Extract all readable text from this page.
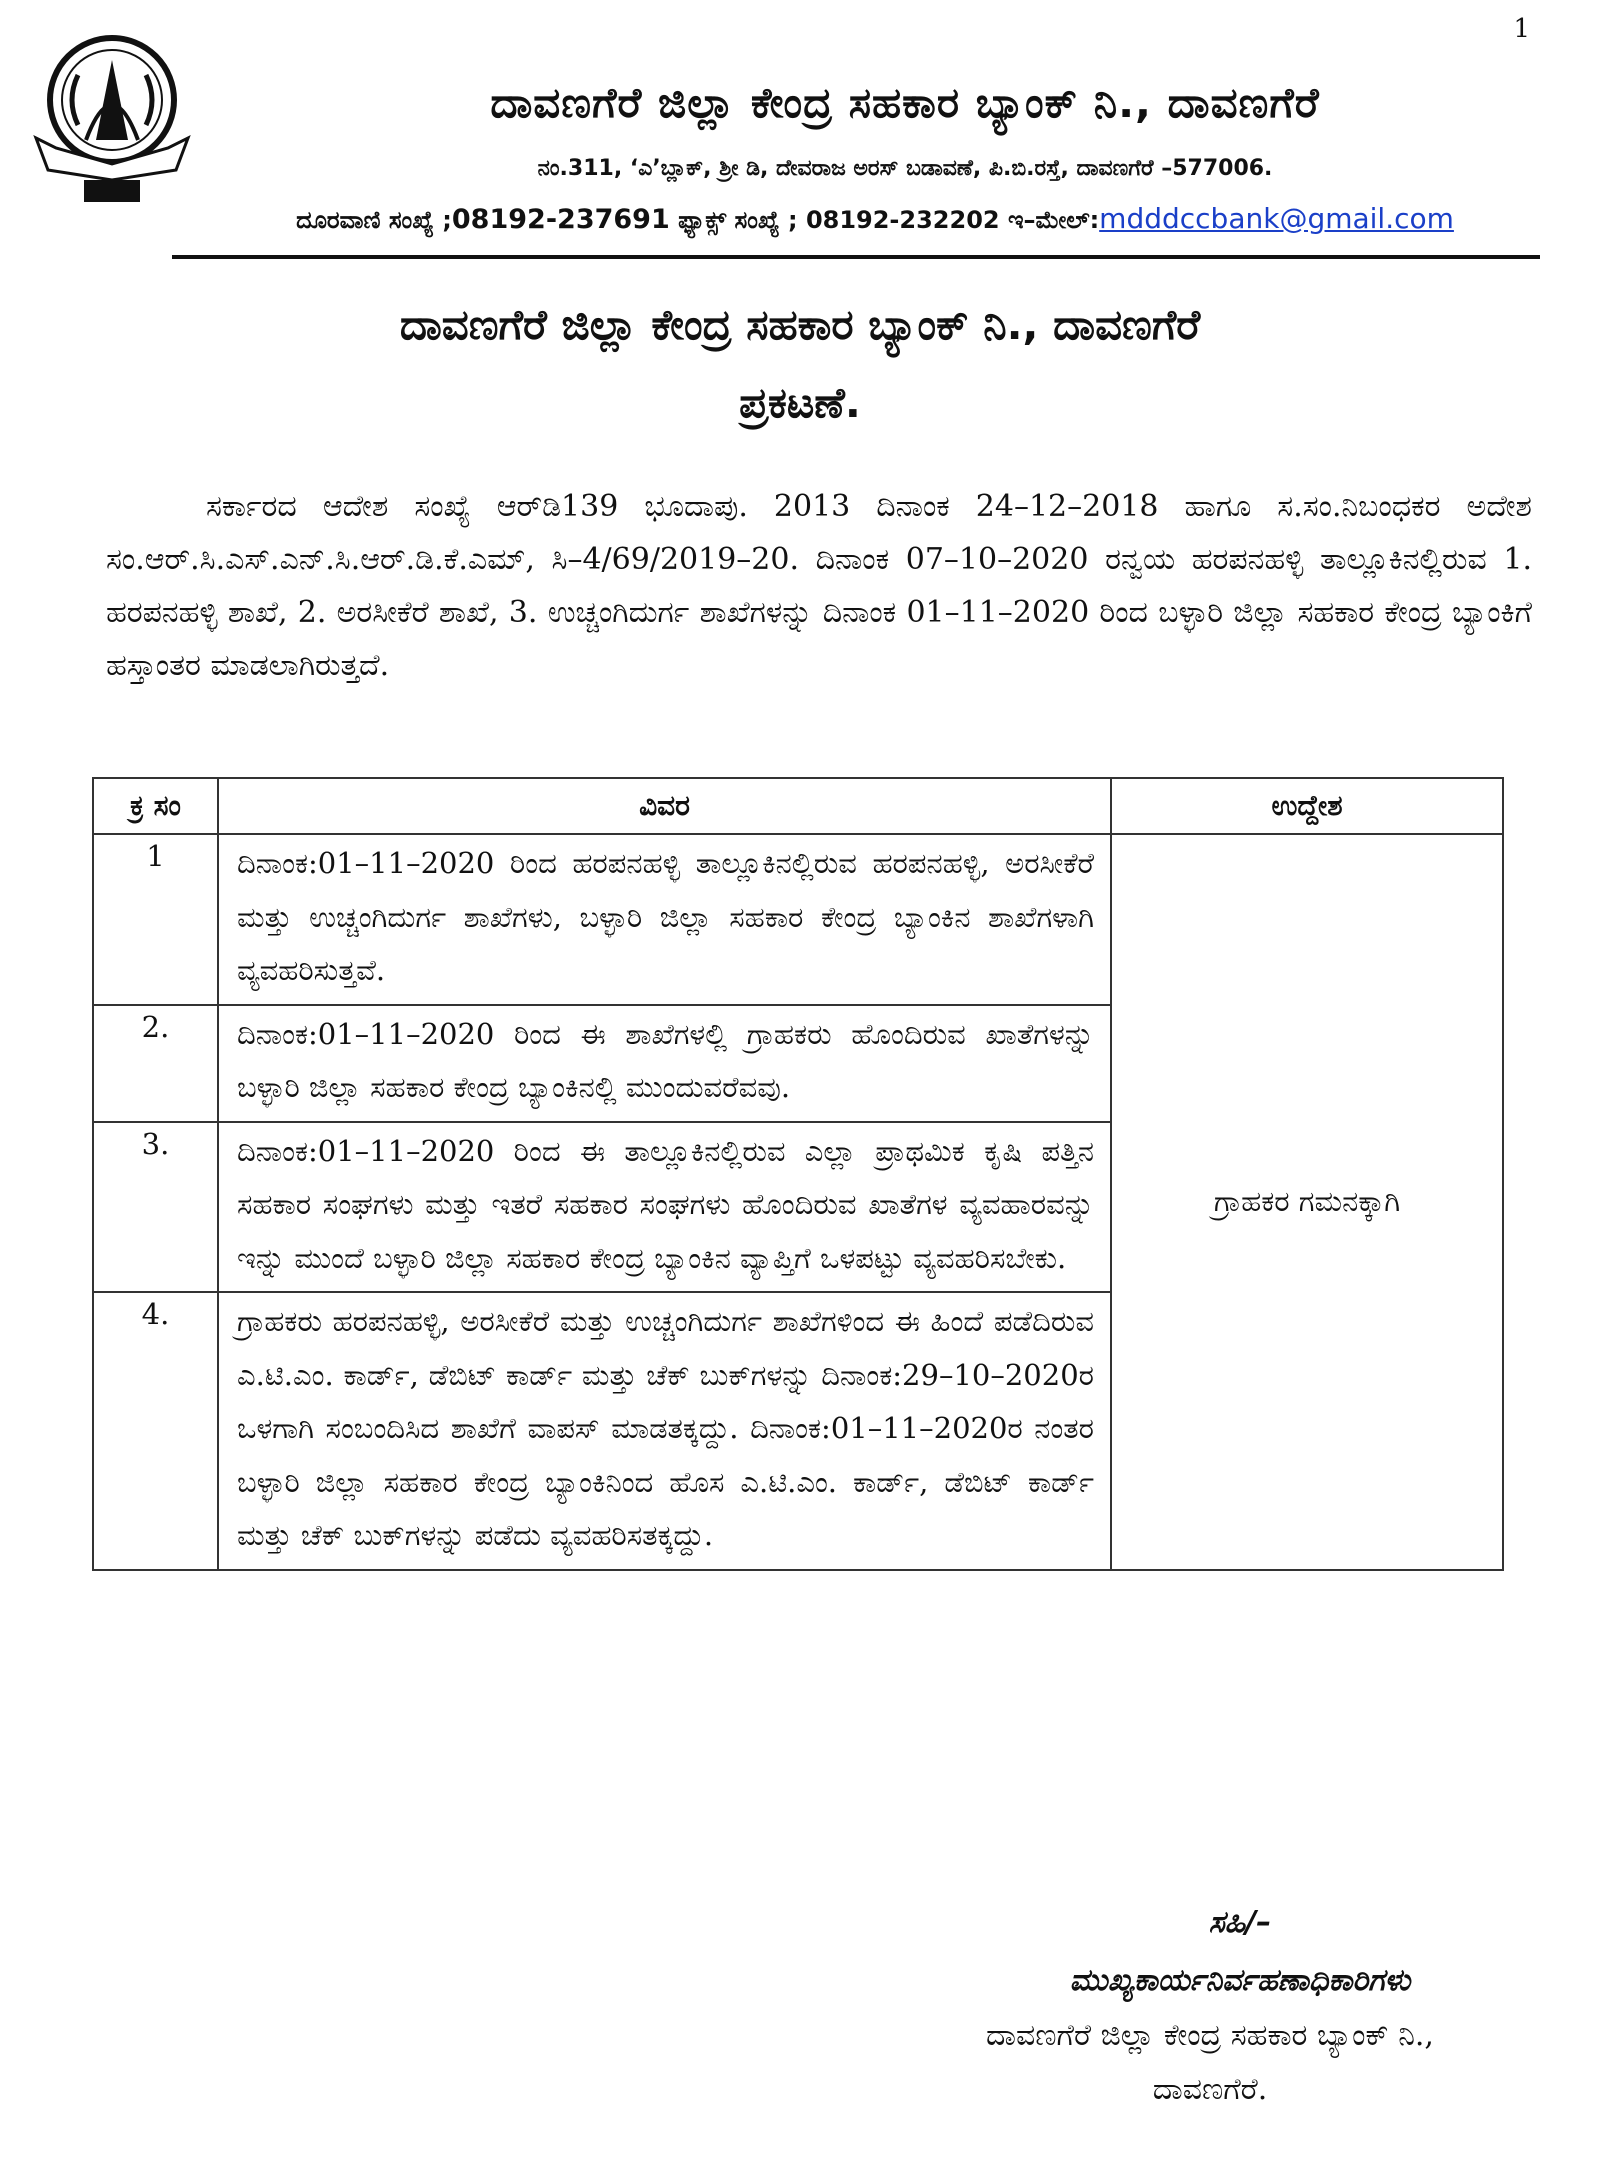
1
ದಾವಣಗೆರೆ ಜಿಲ್ಲಾ ಕೇಂದ್ರ ಸಹಕಾರ ಬ್ಯಾಂಕ್ ನಿ., ದಾವಣಗೆರೆ
ನಂ.311, ‘ಎ’ಬ್ಲಾಕ್, ಶ್ರೀ ಡಿ, ದೇವರಾಜ ಅರಸ್ ಬಡಾವಣೆ, ಪಿ.ಬಿ.ರಸ್ತೆ, ದಾವಣಗೆರೆ –577006.
ದೂರವಾಣಿ ಸಂಖ್ಯೆ ;08192-237691 ಫ್ಯಾಕ್ಸ್ ಸಂಖ್ಯೆ ; 08192-232202 ಇ–ಮೇಲ್:mdddccbank@gmail.com
ದಾವಣಗೆರೆ ಜಿಲ್ಲಾ ಕೇಂದ್ರ ಸಹಕಾರ ಬ್ಯಾಂಕ್ ನಿ., ದಾವಣಗೆರೆ
ಪ್ರಕಟಣೆ.

ಸರ್ಕಾರದ ಆದೇಶ ಸಂಖ್ಯೆ ಆರ್‌ಡಿ139 ಭೂದಾಪು. 2013 ದಿನಾಂಕ 24–12–2018 ಹಾಗೂ ಸ.ಸಂ.ನಿಬಂಧಕರ ಅದೇಶ ಸಂ.ಆರ್.ಸಿ.ಎಸ್.ಎನ್.ಸಿ.ಆರ್.ಡಿ.ಕೆ.ಎಮ್, ಸಿ–4/69/2019–20. ದಿನಾಂಕ 07–10–2020 ರನ್ವಯ ಹರಪನಹಳ್ಳಿ ತಾಲ್ಲೂಕಿನಲ್ಲಿರುವ 1. ಹರಪನಹಳ್ಳಿ ಶಾಖೆ, 2. ಅರಸೀಕೆರೆ ಶಾಖೆ, 3. ಉಚ್ಚಂಗಿದುರ್ಗ ಶಾಖೆಗಳನ್ನು ದಿನಾಂಕ 01–11–2020 ರಿಂದ ಬಳ್ಳಾರಿ ಜಿಲ್ಲಾ ಸಹಕಾರ ಕೇಂದ್ರ ಬ್ಯಾಂಕಿಗೆ ಹಸ್ತಾಂತರ ಮಾಡಲಾಗಿರುತ್ತದೆ.

ಕ್ರ ಸಂ	ವಿವರ	ಉದ್ದೇಶ
1	ದಿನಾಂಕ:01–11–2020 ರಿಂದ ಹರಪನಹಳ್ಳಿ ತಾಲ್ಲೂಕಿನಲ್ಲಿರುವ ಹರಪನಹಳ್ಳಿ, ಅರಸೀಕೆರೆ ಮತ್ತು ಉಚ್ಚಂಗಿದುರ್ಗ ಶಾಖೆಗಳು, ಬಳ್ಳಾರಿ ಜಿಲ್ಲಾ ಸಹಕಾರ ಕೇಂದ್ರ ಬ್ಯಾಂಕಿನ ಶಾಖೆಗಳಾಗಿ ವ್ಯವಹರಿಸುತ್ತವೆ.	ಗ್ರಾಹಕರ ಗಮನಕ್ಕಾಗಿ
2.	ದಿನಾಂಕ:01–11–2020 ರಿಂದ ಈ ಶಾಖೆಗಳಲ್ಲಿ ಗ್ರಾಹಕರು ಹೊಂದಿರುವ ಖಾತೆಗಳನ್ನು ಬಳ್ಳಾರಿ ಜಿಲ್ಲಾ ಸಹಕಾರ ಕೇಂದ್ರ ಬ್ಯಾಂಕಿನಲ್ಲಿ ಮುಂದುವರೆವವು.	
3.	ದಿನಾಂಕ:01–11–2020 ರಿಂದ ಈ ತಾಲ್ಲೂಕಿನಲ್ಲಿರುವ ಎಲ್ಲಾ ಪ್ರಾಥಮಿಕ ಕೃಷಿ ಪತ್ತಿನ ಸಹಕಾರ ಸಂಘಗಳು ಮತ್ತು ಇತರೆ ಸಹಕಾರ ಸಂಘಗಳು ಹೊಂದಿರುವ ಖಾತೆಗಳ ವ್ಯವಹಾರವನ್ನು ಇನ್ನು ಮುಂದೆ ಬಳ್ಳಾರಿ ಜಿಲ್ಲಾ ಸಹಕಾರ ಕೇಂದ್ರ ಬ್ಯಾಂಕಿನ ವ್ಯಾಪ್ತಿಗೆ ಒಳಪಟ್ಟು ವ್ಯವಹರಿಸಬೇಕು.	
4.	ಗ್ರಾಹಕರು ಹರಪನಹಳ್ಳಿ, ಅರಸೀಕೆರೆ ಮತ್ತು ಉಚ್ಚಂಗಿದುರ್ಗ ಶಾಖೆಗಳಿಂದ ಈ ಹಿಂದೆ ಪಡೆದಿರುವ ಎ.ಟಿ.ಎಂ. ಕಾರ್ಡ್, ಡೆಬಿಟ್ ಕಾರ್ಡ್ ಮತ್ತು ಚೆಕ್ ಬುಕ್‌ಗಳನ್ನು ದಿನಾಂಕ:29–10–2020ರ ಒಳಗಾಗಿ ಸಂಬಂದಿಸಿದ ಶಾಖೆಗೆ ವಾಪಸ್ ಮಾಡತಕ್ಕದ್ದು. ದಿನಾಂಕ:01–11–2020ರ ನಂತರ ಬಳ್ಳಾರಿ ಜಿಲ್ಲಾ ಸಹಕಾರ ಕೇಂದ್ರ ಬ್ಯಾಂಕಿನಿಂದ ಹೊಸ ಎ.ಟಿ.ಎಂ. ಕಾರ್ಡ್, ಡೆಬಿಟ್ ಕಾರ್ಡ್ ಮತ್ತು ಚೆಕ್ ಬುಕ್‌ಗಳನ್ನು ಪಡೆದು ವ್ಯವಹರಿಸತಕ್ಕದ್ದು.	
ಸಹಿ/–
ಮುಖ್ಯಕಾರ್ಯನಿರ್ವಹಣಾಧಿಕಾರಿಗಳು
ದಾವಣಗೆರೆ ಜಿಲ್ಲಾ ಕೇಂದ್ರ ಸಹಕಾರ ಬ್ಯಾಂಕ್ ನಿ.,
ದಾವಣಗೆರೆ.
